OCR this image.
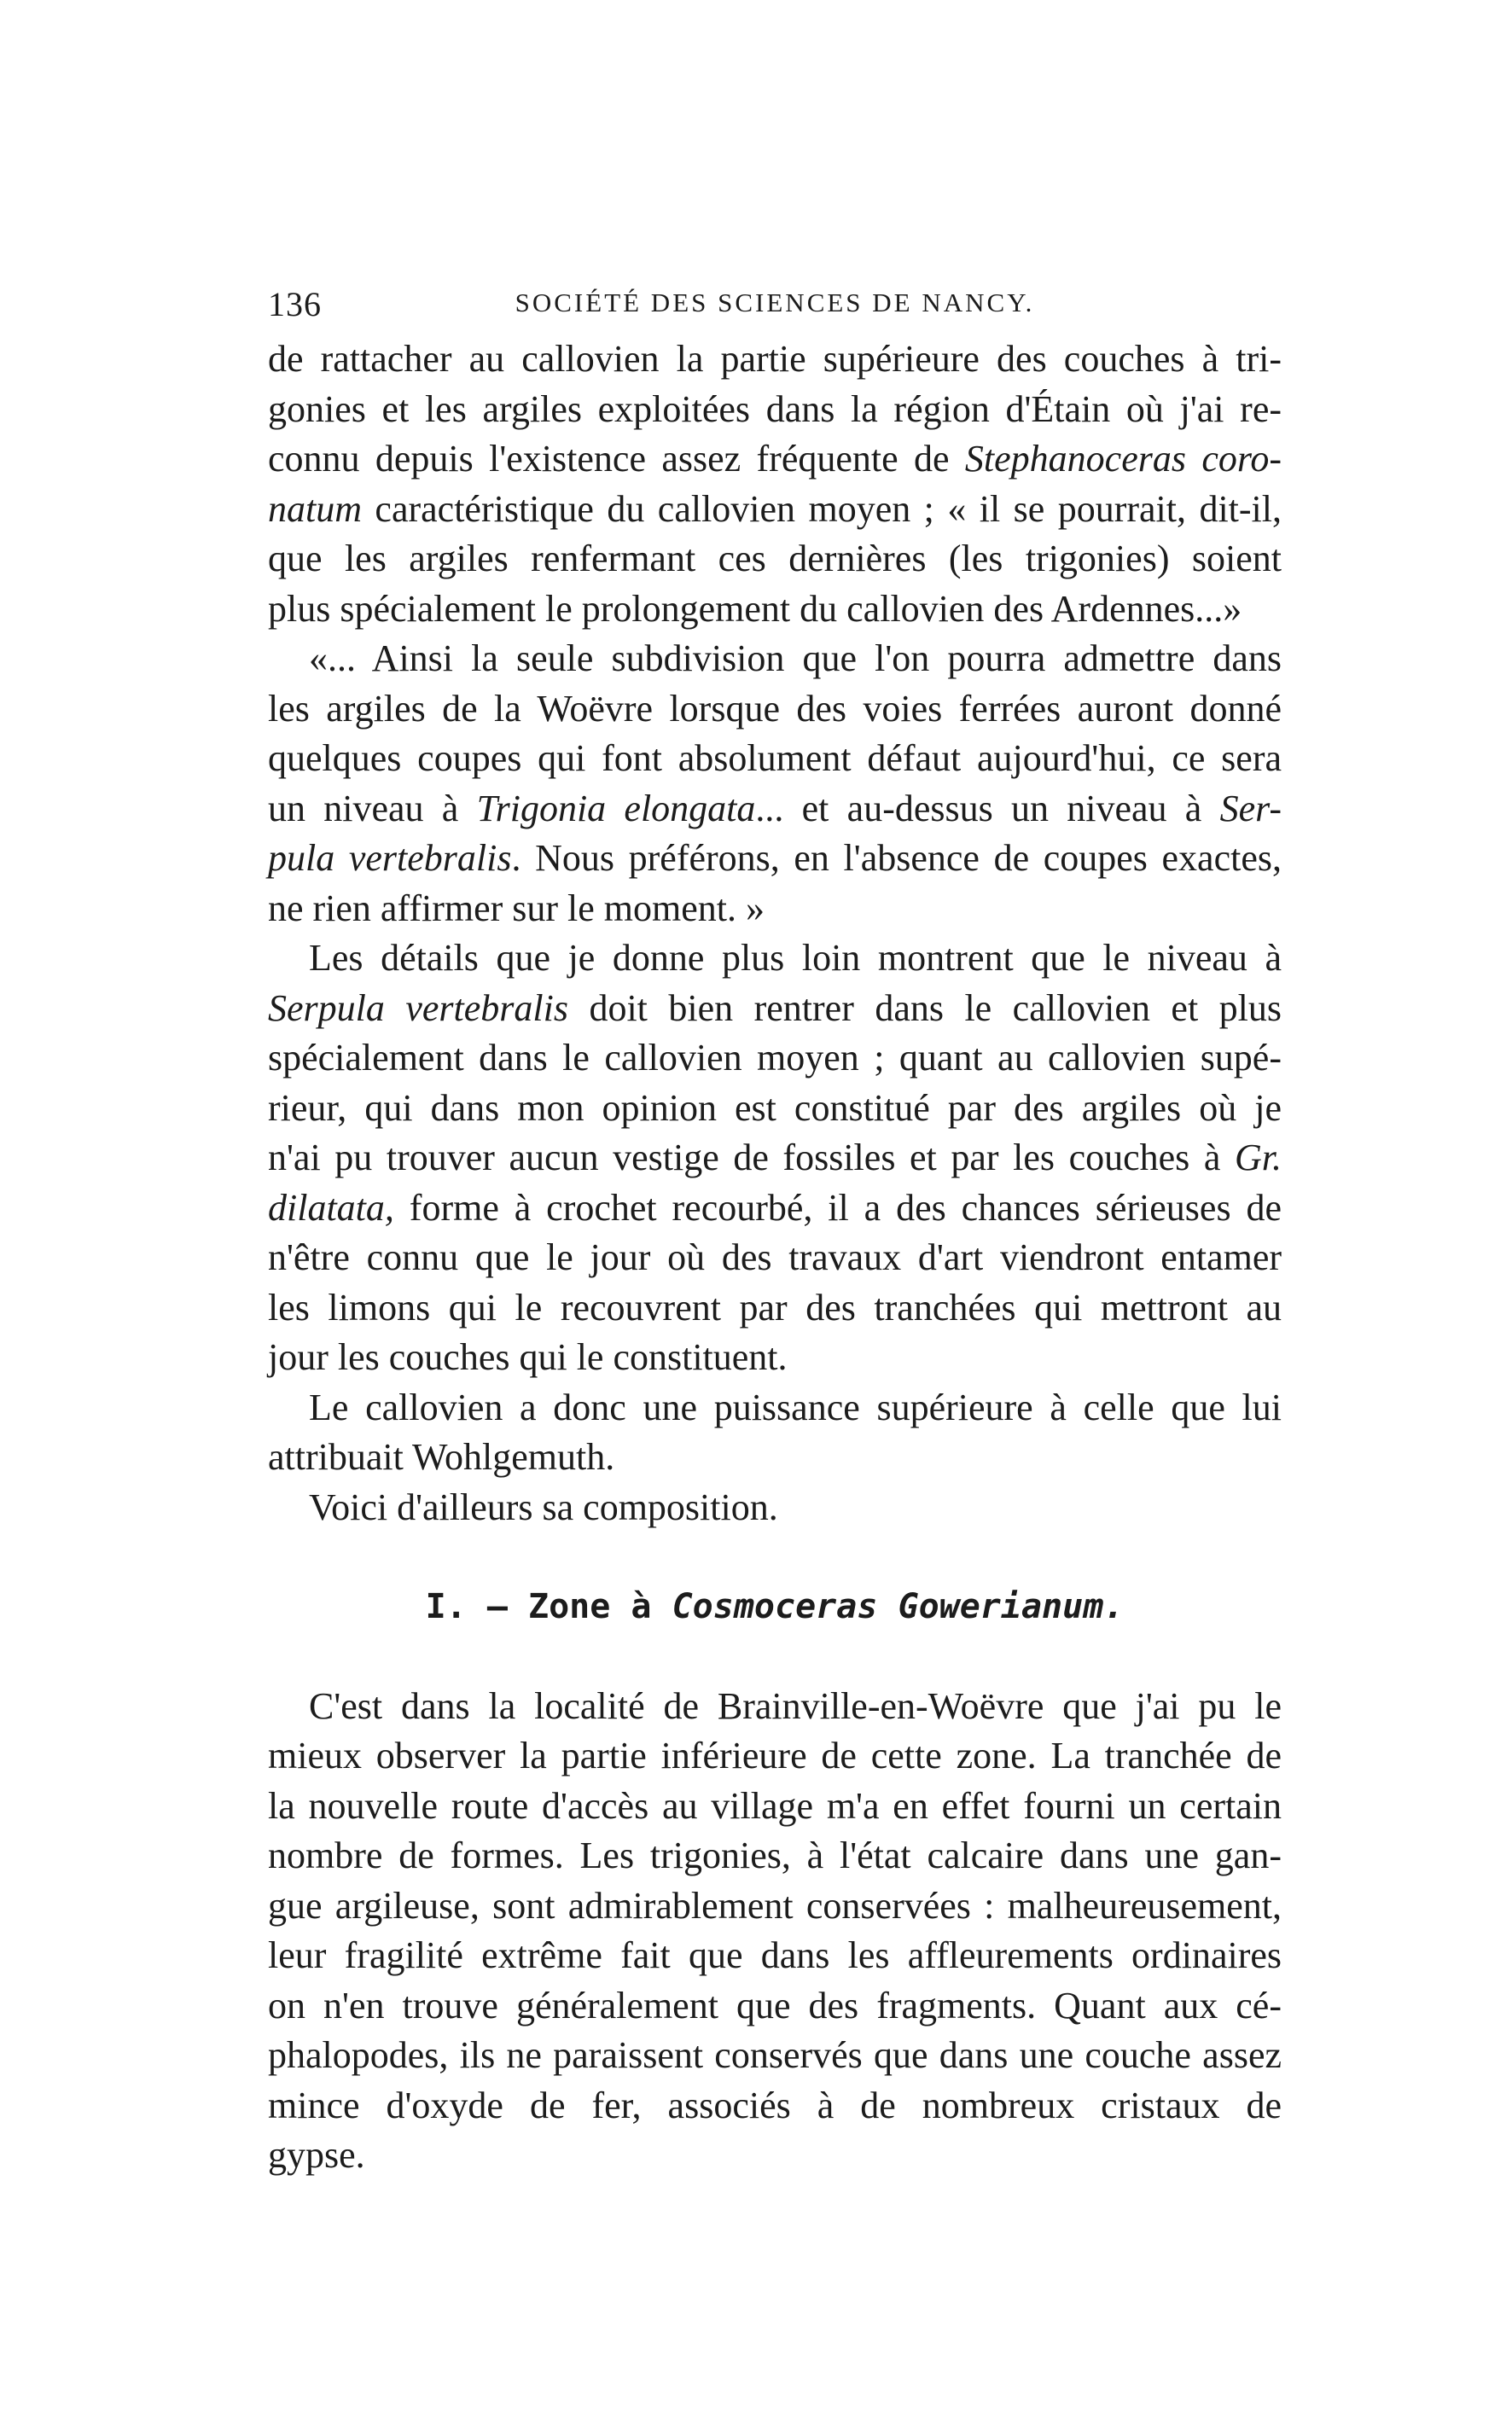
136	SOCIÉTÉ DES SCIENCES DE NANCY.
de rattacher au callovien la partie supérieure des couches à tri-
gonies et les argiles exploitées dans la région d'Étain où j'ai re-
connu depuis l'existence assez fréquente de Stephanoceras coro-
natum caractéristique du callovien moyen ; « il se pourrait, dit-il,
que les argiles renfermant ces dernières (les trigonies) soient
plus spécialement le prolongement du callovien des Ardennes...»
«... Ainsi la seule subdivision que l'on pourra admettre dans
les argiles de la Woëvre lorsque des voies ferrées auront donné
quelques coupes qui font absolument défaut aujourd'hui, ce sera
un niveau à Trigonia elongata... et au-dessus un niveau à Ser-
pula vertebralis. Nous préférons, en l'absence de coupes exactes,
ne rien affirmer sur le moment. »
Les détails que je donne plus loin montrent que le niveau à
Serpula vertebralis doit bien rentrer dans le callovien et plus
spécialement dans le callovien moyen ; quant au callovien supé-
rieur, qui dans mon opinion est constitué par des argiles où je
n'ai pu trouver aucun vestige de fossiles et par les couches à Gr.
dilatata, forme à crochet recourbé, il a des chances sérieuses de
n'être connu que le jour où des travaux d'art viendront entamer
les limons qui le recouvrent par des tranchées qui mettront au
jour les couches qui le constituent.
Le callovien a donc une puissance supérieure à celle que lui
attribuait Wohlgemuth.
Voici d'ailleurs sa composition.
I. — Zone à Cosmoceras Gowerianum.
C'est dans la localité de Brainville-en-Woëvre que j'ai pu le
mieux observer la partie inférieure de cette zone. La tranchée de
la nouvelle route d'accès au village m'a en effet fourni un certain
nombre de formes. Les trigonies, à l'état calcaire dans une gan-
gue argileuse, sont admirablement conservées : malheureusement,
leur fragilité extrême fait que dans les affleurements ordinaires
on n'en trouve généralement que des fragments. Quant aux cé-
phalopodes, ils ne paraissent conservés que dans une couche assez
mince d'oxyde de fer, associés à de nombreux cristaux de
gypse.
